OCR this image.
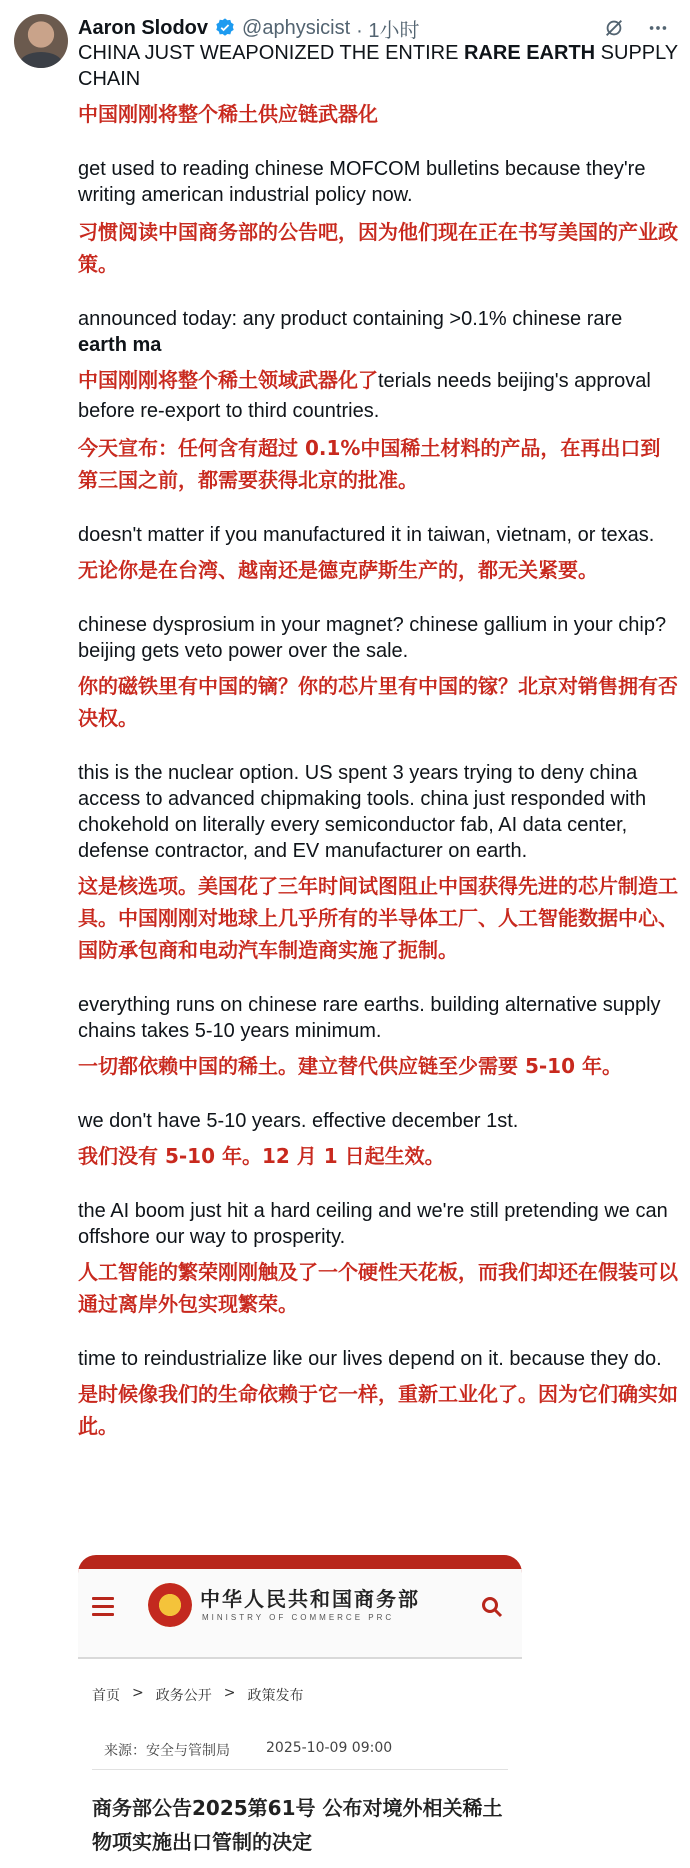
Aaron Slodov @aphysicist · 1小时
CHINA JUST WEAPONIZED THE ENTIRE RARE EARTH SUPPLY CHAIN
中国刚刚将整个稀土供应链武器化
get used to reading chinese MOFCOM bulletins because they're writing american industrial policy now.
习惯阅读中国商务部的公告吧，因为他们现在正在书写美国的产业政策。
announced today: any product containing >0.1% chinese rare
earth ma
中国刚刚将整个稀土领域武器化了terials needs beijing's approval before re-export to third countries.
今天宣布：任何含有超过 0.1%中国稀土材料的产品，在再出口到第三国之前，都需要获得北京的批准。
doesn't matter if you manufactured it in taiwan, vietnam, or texas.
无论你是在台湾、越南还是德克萨斯生产的，都无关紧要。
chinese dysprosium in your magnet? chinese gallium in your chip? beijing gets veto power over the sale.
你的磁铁里有中国的镝？你的芯片里有中国的镓？北京对销售拥有否决权。
this is the nuclear option. US spent 3 years trying to deny china access to advanced chipmaking tools. china just responded with chokehold on literally every semiconductor fab, AI data center, defense contractor, and EV manufacturer on earth.
这是核选项。美国花了三年时间试图阻止中国获得先进的芯片制造工具。中国刚刚对地球上几乎所有的半导体工厂、人工智能数据中心、国防承包商和电动汽车制造商实施了扼制。
everything runs on chinese rare earths. building alternative supply chains takes 5-10 years minimum.
一切都依赖中国的稀土。建立替代供应链至少需要 5-10 年。
we don't have 5-10 years. effective december 1st.
我们没有 5-10 年。12 月 1 日起生效。
the AI boom just hit a hard ceiling and we're still pretending we can offshore our way to prosperity.
人工智能的繁荣刚刚触及了一个硬性天花板，而我们却还在假装可以通过离岸外包实现繁荣。
time to reindustrialize like our lives depend on it. because they do.
是时候像我们的生命依赖于它一样，重新工业化了。因为它们确实如此。
中华人民共和国商务部
MINISTRY OF COMMERCE PRC
首页 > 政务公开 > 政策发布
来源：安全与管制局	2025-10-09 09:00
商务部公告2025第61号 公布对境外相关稀土物项实施出口管制的决定
